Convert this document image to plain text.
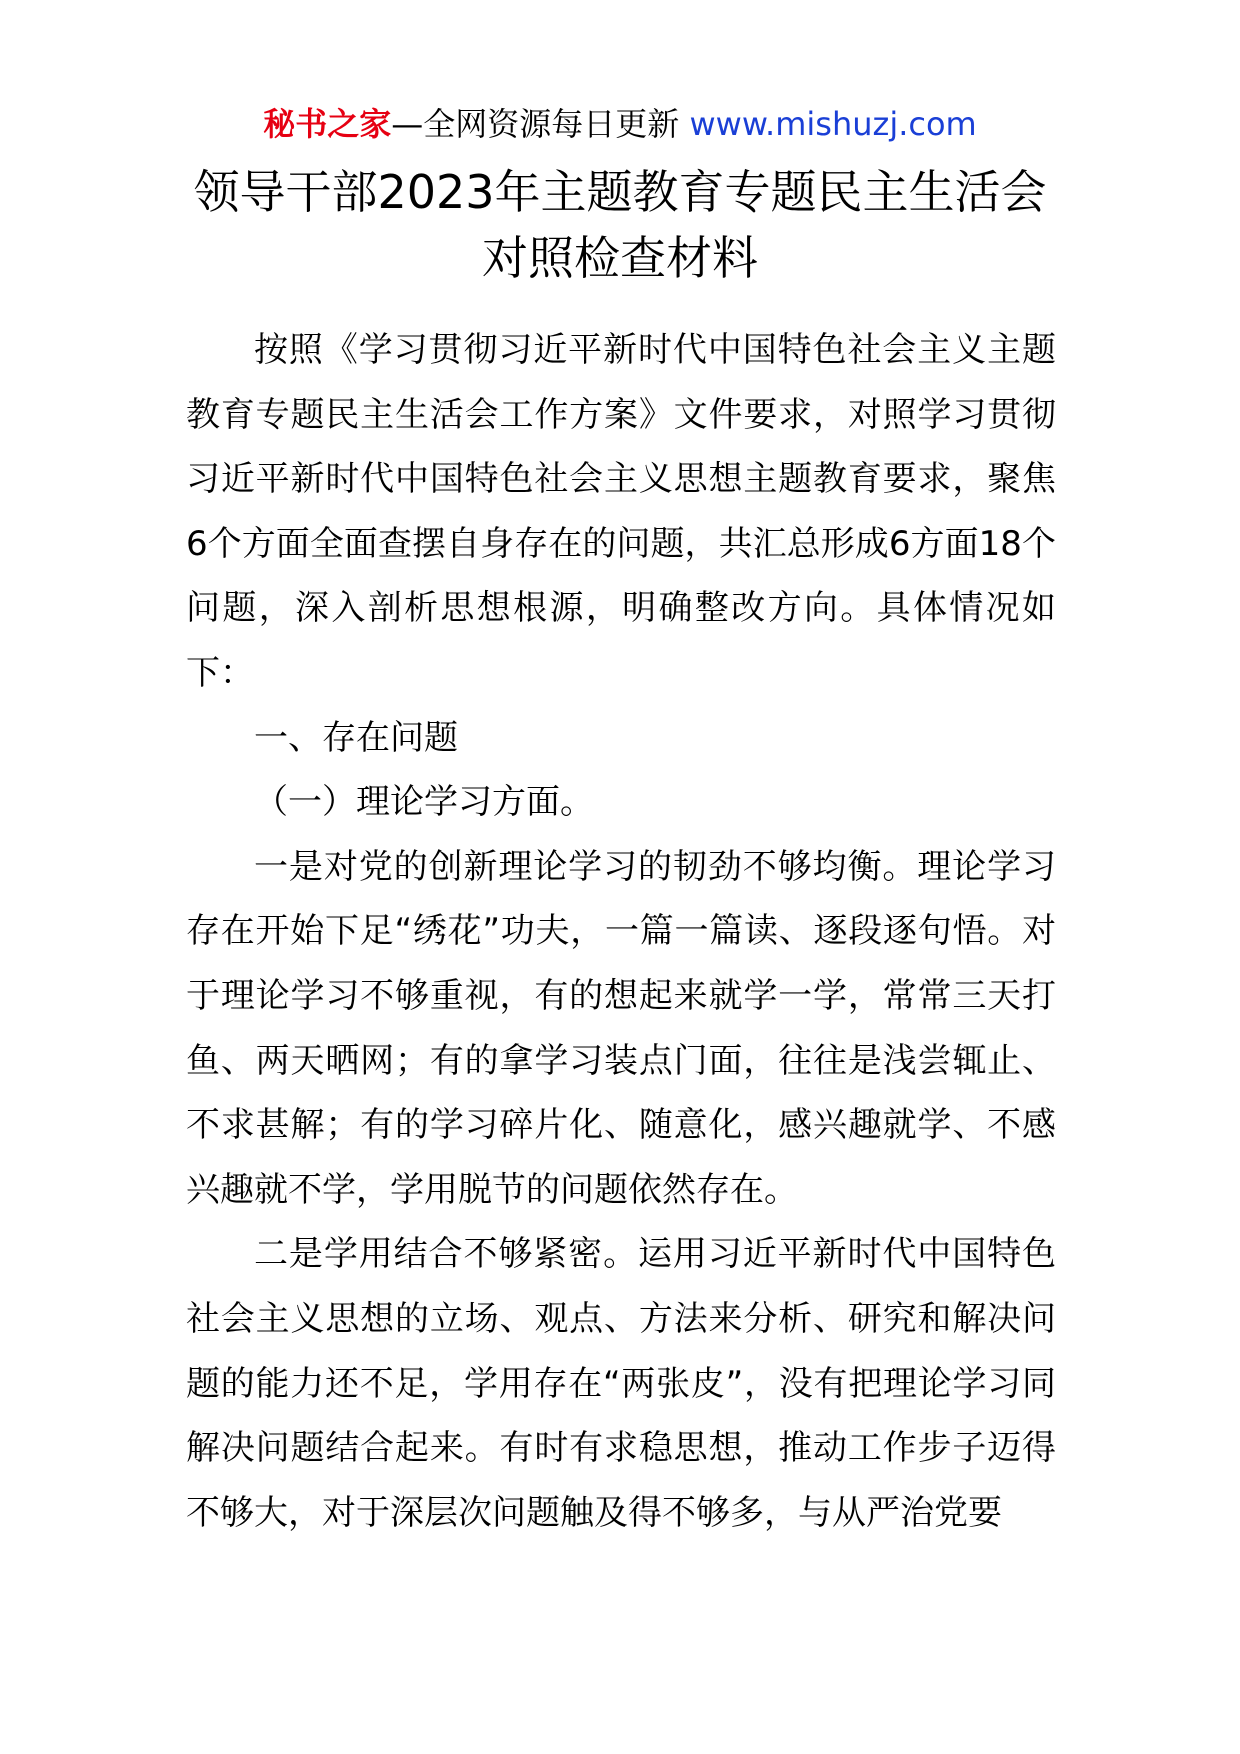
秘书之家—全网资源每日更新 www.mishuzj.com
领导干部2023年主题教育专题民主生活会
对照检查材料

按照《学习贯彻习近平新时代中国特色社会主义主题教育专题民主生活会工作方案》文件要求，对照学习贯彻习近平新时代中国特色社会主义思想主题教育要求，聚焦6个方面全面查摆自身存在的问题，共汇总形成6方面18个问题，深入剖析思想根源，明确整改方向。具体情况如下：

一、存在问题

（一）理论学习方面。

一是对党的创新理论学习的韧劲不够均衡。理论学习存在开始下足“绣花”功夫，一篇一篇读、逐段逐句悟。对于理论学习不够重视，有的想起来就学一学，常常三天打鱼、两天晒网；有的拿学习装点门面，往往是浅尝辄止、不求甚解；有的学习碎片化、随意化，感兴趣就学、不感兴趣就不学，学用脱节的问题依然存在。

二是学用结合不够紧密。运用习近平新时代中国特色社会主义思想的立场、观点、方法来分析、研究和解决问题的能力还不足，学用存在“两张皮”，没有把理论学习同解决问题结合起来。有时有求稳思想，推动工作步子迈得不够大，对于深层次问题触及得不够多，与从严治党要
